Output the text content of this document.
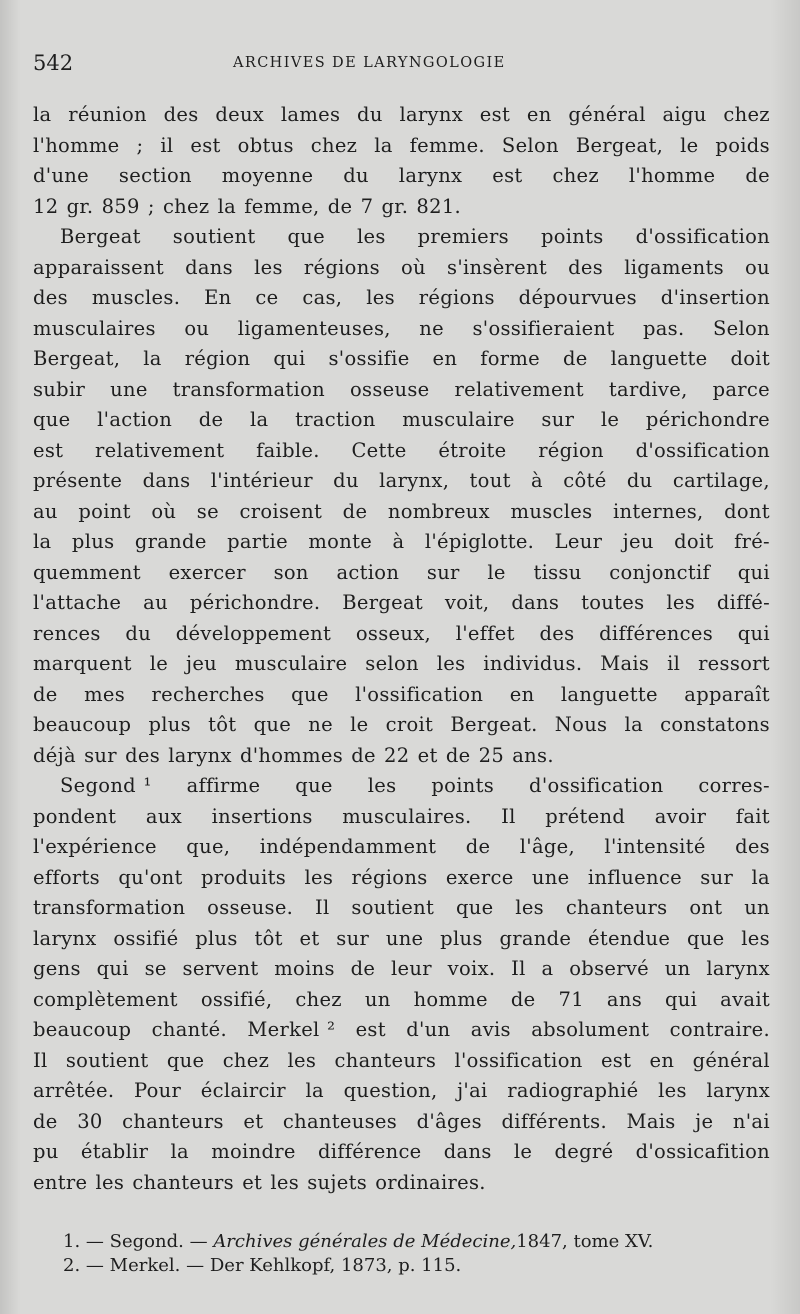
542	ARCHIVES DE LARYNGOLOGIE
la réunion des deux lames du larynx est en général aigu chez
l'homme ; il est obtus chez la femme. Selon Bergeat, le poids
d'une section moyenne du larynx est chez l'homme de
12 gr. 859 ; chez la femme, de 7 gr. 821.
Bergeat soutient que les premiers points d'ossification
apparaissent dans les régions où s'insèrent des ligaments ou
des muscles. En ce cas, les régions dépourvues d'insertion
musculaires ou ligamenteuses, ne s'ossifieraient pas. Selon
Bergeat, la région qui s'ossifie en forme de languette doit
subir une transformation osseuse relativement tardive, parce
que l'action de la traction musculaire sur le périchondre
est relativement faible. Cette étroite région d'ossification
présente dans l'intérieur du larynx, tout à côté du cartilage,
au point où se croisent de nombreux muscles internes, dont
la plus grande partie monte à l'épiglotte. Leur jeu doit fré-
quemment exercer son action sur le tissu conjonctif qui
l'attache au périchondre. Bergeat voit, dans toutes les diffé-
rences du développement osseux, l'effet des différences qui
marquent le jeu musculaire selon les individus. Mais il ressort
de mes recherches que l'ossification en languette apparaît
beaucoup plus tôt que ne le croit Bergeat. Nous la constatons
déjà sur des larynx d'hommes de 22 et de 25 ans.
Segond ¹ affirme que les points d'ossification corres-
pondent aux insertions musculaires. Il prétend avoir fait
l'expérience que, indépendamment de l'âge, l'intensité des
efforts qu'ont produits les régions exerce une influence sur la
transformation osseuse. Il soutient que les chanteurs ont un
larynx ossifié plus tôt et sur une plus grande étendue que les
gens qui se servent moins de leur voix. Il a observé un larynx
complètement ossifié, chez un homme de 71 ans qui avait
beaucoup chanté. Merkel ² est d'un avis absolument contraire.
Il soutient que chez les chanteurs l'ossification est en général
arrêtée. Pour éclaircir la question, j'ai radiographié les larynx
de 30 chanteurs et chanteuses d'âges différents. Mais je n'ai
pu établir la moindre différence dans le degré d'ossicafition
entre les chanteurs et les sujets ordinaires.
1. — Segond. — Archives générales de Médecine,1847, tome XV.
2. — Merkel. — Der Kehlkopf, 1873, p. 115.
